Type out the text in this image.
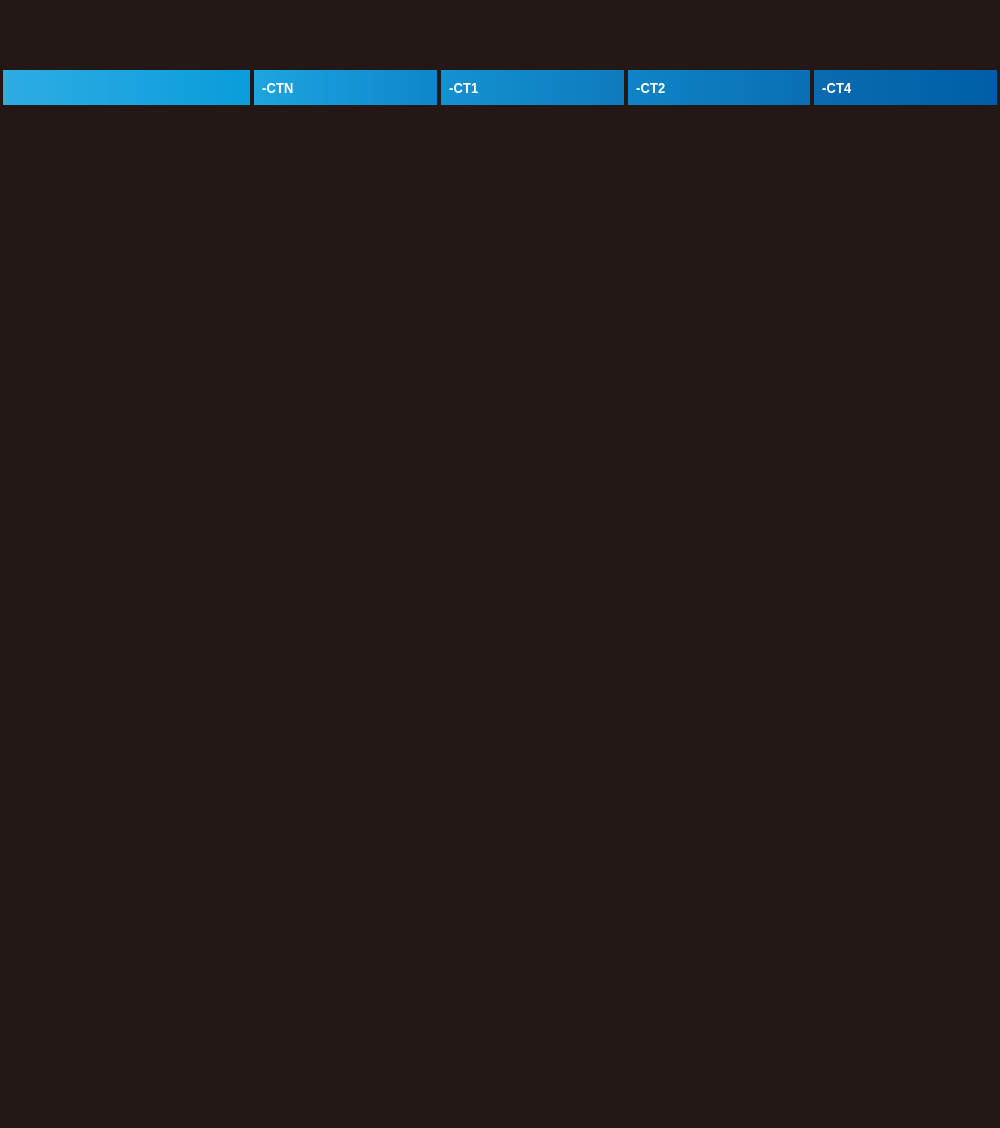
-CTN	-CT1	-CT2	-CT4
